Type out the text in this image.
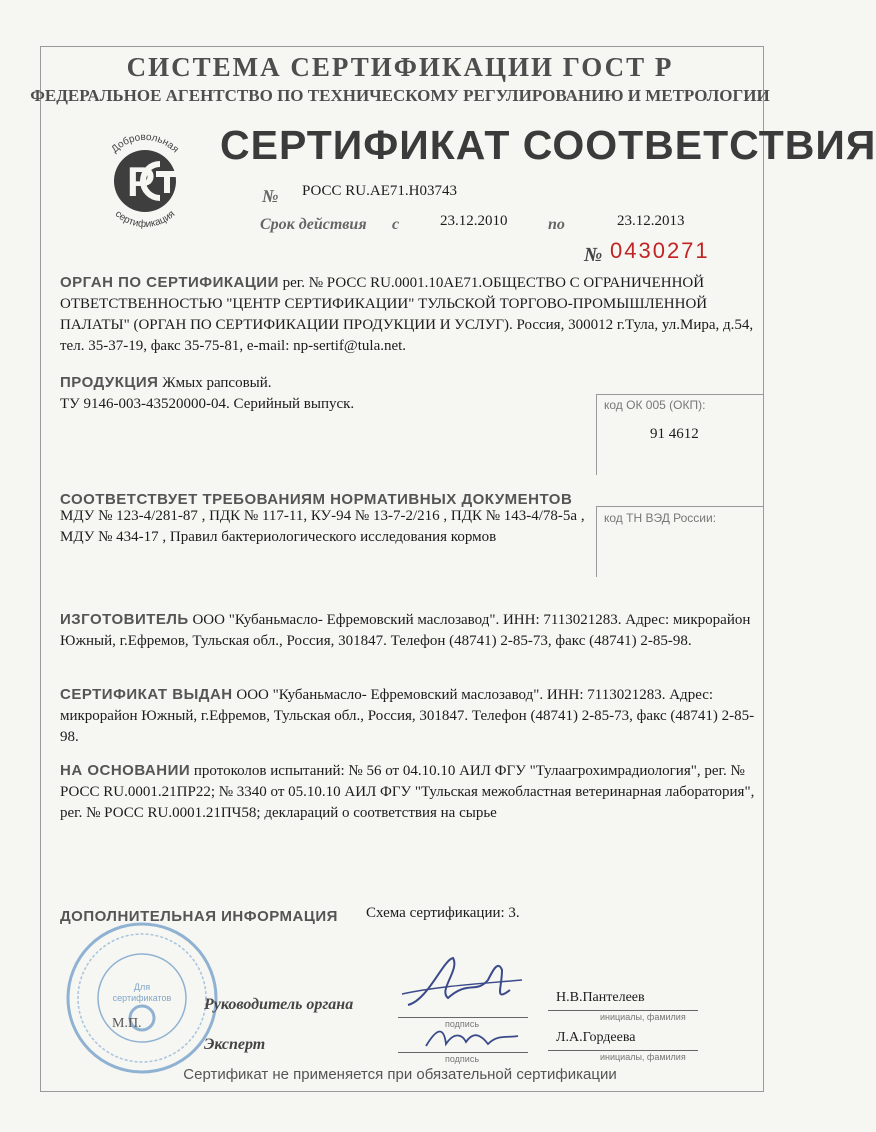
СИСТЕМА СЕРТИФИКАЦИИ ГОСТ Р
ФЕДЕРАЛЬНОЕ АГЕНТСТВО ПО ТЕХНИЧЕСКОМУ РЕГУЛИРОВАНИЮ И МЕТРОЛОГИИ
P
Добровольная
сертификация
СЕРТИФИКАТ СООТВЕТСТВИЯ
№ РОСС RU.АЕ71.Н03743
Срок действия с	23.12.2010	по	23.12.2013
№ 0430271
ОРГАН ПО СЕРТИФИКАЦИИ рег. № РОСС RU.0001.10АЕ71.ОБЩЕСТВО С ОГРАНИЧЕННОЙ ОТВЕТСТВЕННОСТЬЮ "ЦЕНТР СЕРТИФИКАЦИИ" ТУЛЬСКОЙ ТОРГОВО-ПРОМЫШЛЕННОЙ ПАЛАТЫ" (ОРГАН ПО СЕРТИФИКАЦИИ ПРОДУКЦИИ И УСЛУГ). Россия, 300012 г.Тула, ул.Мира, д.54, тел. 35-37-19, факс 35-75-81, e-mail: np-sertif@tula.net.
ПРОДУКЦИЯ Жмых рапсовый.
ТУ 9146-003-43520000-04. Серийный выпуск.	код ОК 005 (ОКП):
91 4612
СООТВЕТСТВУЕТ ТРЕБОВАНИЯМ НОРМАТИВНЫХ ДОКУМЕНТОВ
МДУ № 123-4/281-87 , ПДК № 117-11, КУ-94 № 13-7-2/216 , ПДК № 143-4/78-5а , МДУ № 434-17 , Правил бактериологического исследования кормов
код ТН ВЭД России:
ИЗГОТОВИТЕЛЬ ООО "Кубаньмасло- Ефремовский маслозавод". ИНН: 7113021283. Адрес: микрорайон Южный, г.Ефремов, Тульская обл., Россия, 301847. Телефон (48741) 2-85-73, факс (48741) 2-85-98.
СЕРТИФИКАТ ВЫДАН ООО "Кубаньмасло- Ефремовский маслозавод". ИНН: 7113021283. Адрес: микрорайон Южный, г.Ефремов, Тульская обл., Россия, 301847. Телефон (48741) 2-85-73, факс (48741) 2-85-98.
НА ОСНОВАНИИ протоколов испытаний: № 56 от 04.10.10 АИЛ ФГУ "Тулаагрохимрадиология", рег. № РОСС RU.0001.21ПР22; № 3340 от 05.10.10 АИЛ ФГУ "Тульская межобластная ветеринарная лаборатория", рег. № РОСС RU.0001.21ПЧ58; деклараций о соответствия на сырье
ДОПОЛНИТЕЛЬНАЯ ИНФОРМАЦИЯ Схема сертификации: 3.
Для
сертификатов Руководитель органа
подпись
Н.В.Пантелеев
инициалы, фамилия
М.П.
Эксперт
подпись
Л.А.Гордеева
инициалы, фамилия
Сертификат не применяется при обязательной сертификации
